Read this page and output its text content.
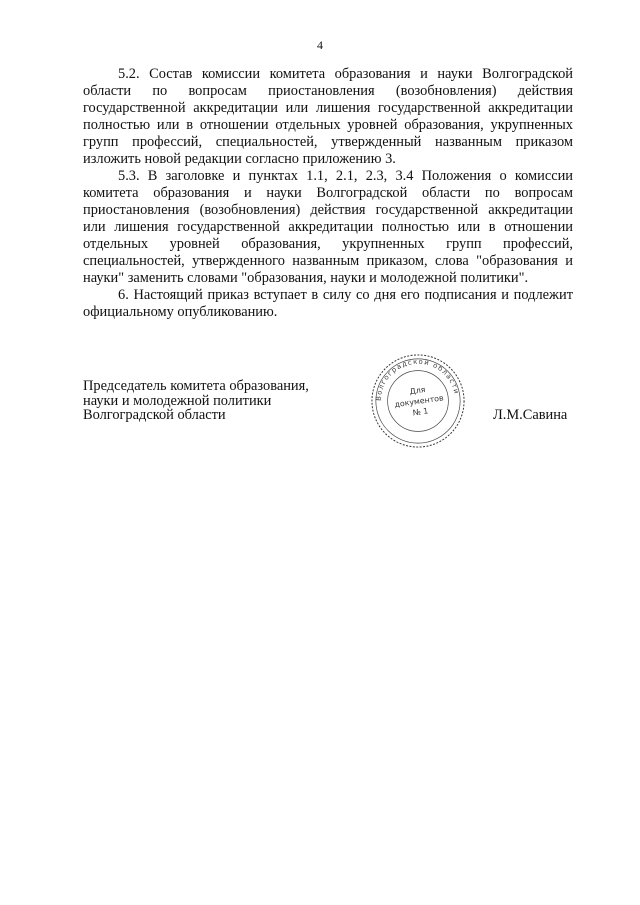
4

5.2. Состав комиссии комитета образования и науки Волгоградской области по вопросам приостановления (возобновления) действия государственной аккредитации или лишения государственной аккредитации полностью или в отношении отдельных уровней образования, укрупненных групп профессий, специальностей, утвержденный названным приказом изложить новой редакции согласно приложению 3.

5.3. В заголовке и пунктах 1.1, 2.1, 2.3, 3.4 Положения о комиссии комитета образования и науки Волгоградской области по вопросам приостановления (возобновления) действия государственной аккредитации или лишения государственной аккредитации полностью или в отношении отдельных уровней образования, укрупненных групп профессий, специальностей, утвержденного названным приказом, слова "образования и науки" заменить словами "образования, науки и молодежной политики".

6. Настоящий приказ вступает в силу со дня его подписания и подлежит официальному опубликованию.

Председатель комитета образования,
науки и молодежной политики
Волгоградской области
Волгоградской области
Для
документов
№ 1	Л.М.Савина
